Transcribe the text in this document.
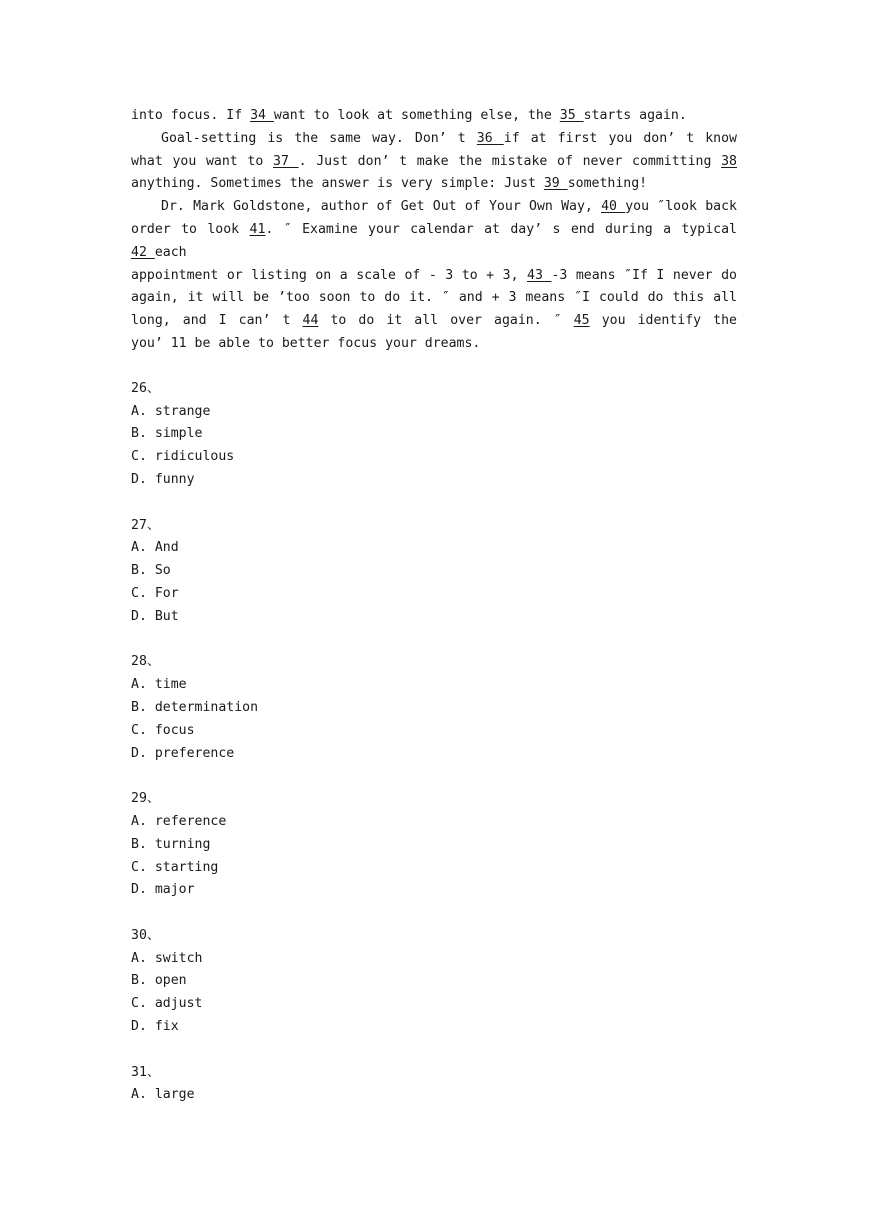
into focus. If 34 want to look at something else, the 35 starts again.
Goal-setting is the same way. Don’ t 36 if at first you don’ t know
what you want to 37 . Just don’ t make the mistake of never committing 38
anything. Sometimes the answer is very simple: Just 39 something!
Dr. Mark Goldstone, author of Get Out of Your Own Way, 40 you ″look back
order to look 41. ″ Examine your calendar at day’ s end during a typical
42 each
appointment or listing on a scale of - 3 to + 3, 43 -3 means ″If I never do
again, it will be ’too soon to do it. ″ and + 3 means ″I could do this all
long, and I can’ t 44 to do it all over again. ″ 45 you identify the
you’ 11 be able to better focus your dreams.
26、
A. strange
B. simple
C. ridiculous
D. funny
27、
A. And
B. So
C. For
D. But
28、
A. time
B. determination
C. focus
D. preference
29、
A. reference
B. turning
C. starting
D. major
30、
A. switch
B. open
C. adjust
D. fix
31、
A. large
